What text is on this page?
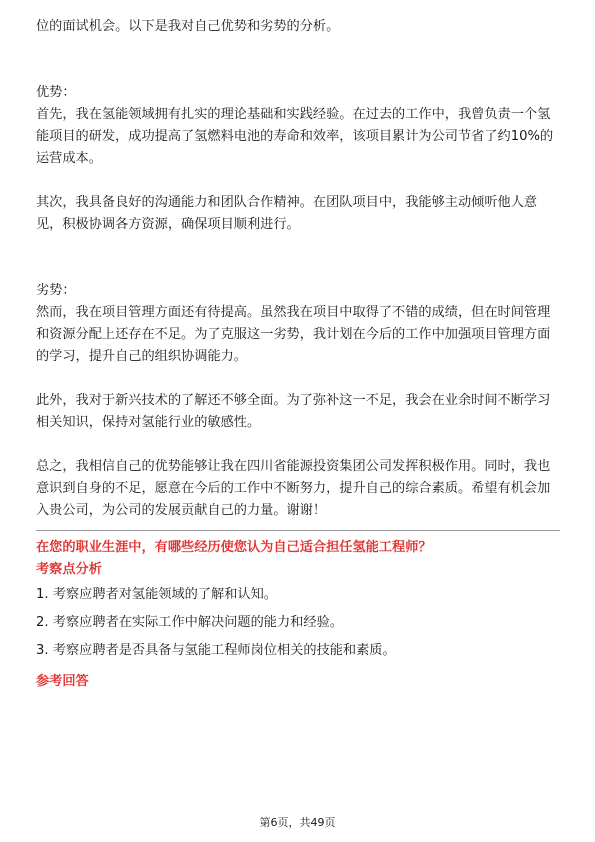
位的面试机会。以下是我对自己优势和劣势的分析。

优势：

首先，我在氢能领域拥有扎实的理论基础和实践经验。在过去的工作中，我曾负责一个氢能项目的研发，成功提高了氢燃料电池的寿命和效率，该项目累计为公司节省了约10%的运营成本。

其次，我具备良好的沟通能力和团队合作精神。在团队项目中，我能够主动倾听他人意见，积极协调各方资源，确保项目顺利进行。

劣势：

然而，我在项目管理方面还有待提高。虽然我在项目中取得了不错的成绩，但在时间管理和资源分配上还存在不足。为了克服这一劣势，我计划在今后的工作中加强项目管理方面的学习，提升自己的组织协调能力。

此外，我对于新兴技术的了解还不够全面。为了弥补这一不足，我会在业余时间不断学习相关知识，保持对氢能行业的敏感性。

总之，我相信自己的优势能够让我在四川省能源投资集团公司发挥积极作用。同时，我也意识到自身的不足，愿意在今后的工作中不断努力，提升自己的综合素质。希望有机会加入贵公司，为公司的发展贡献自己的力量。谢谢！

在您的职业生涯中，有哪些经历使您认为自己适合担任氢能工程师？
考察点分析
1. 考察应聘者对氢能领域的了解和认知。
2. 考察应聘者在实际工作中解决问题的能力和经验。
3. 考察应聘者是否具备与氢能工程师岗位相关的技能和素质。
参考回答
第6页，共49页
